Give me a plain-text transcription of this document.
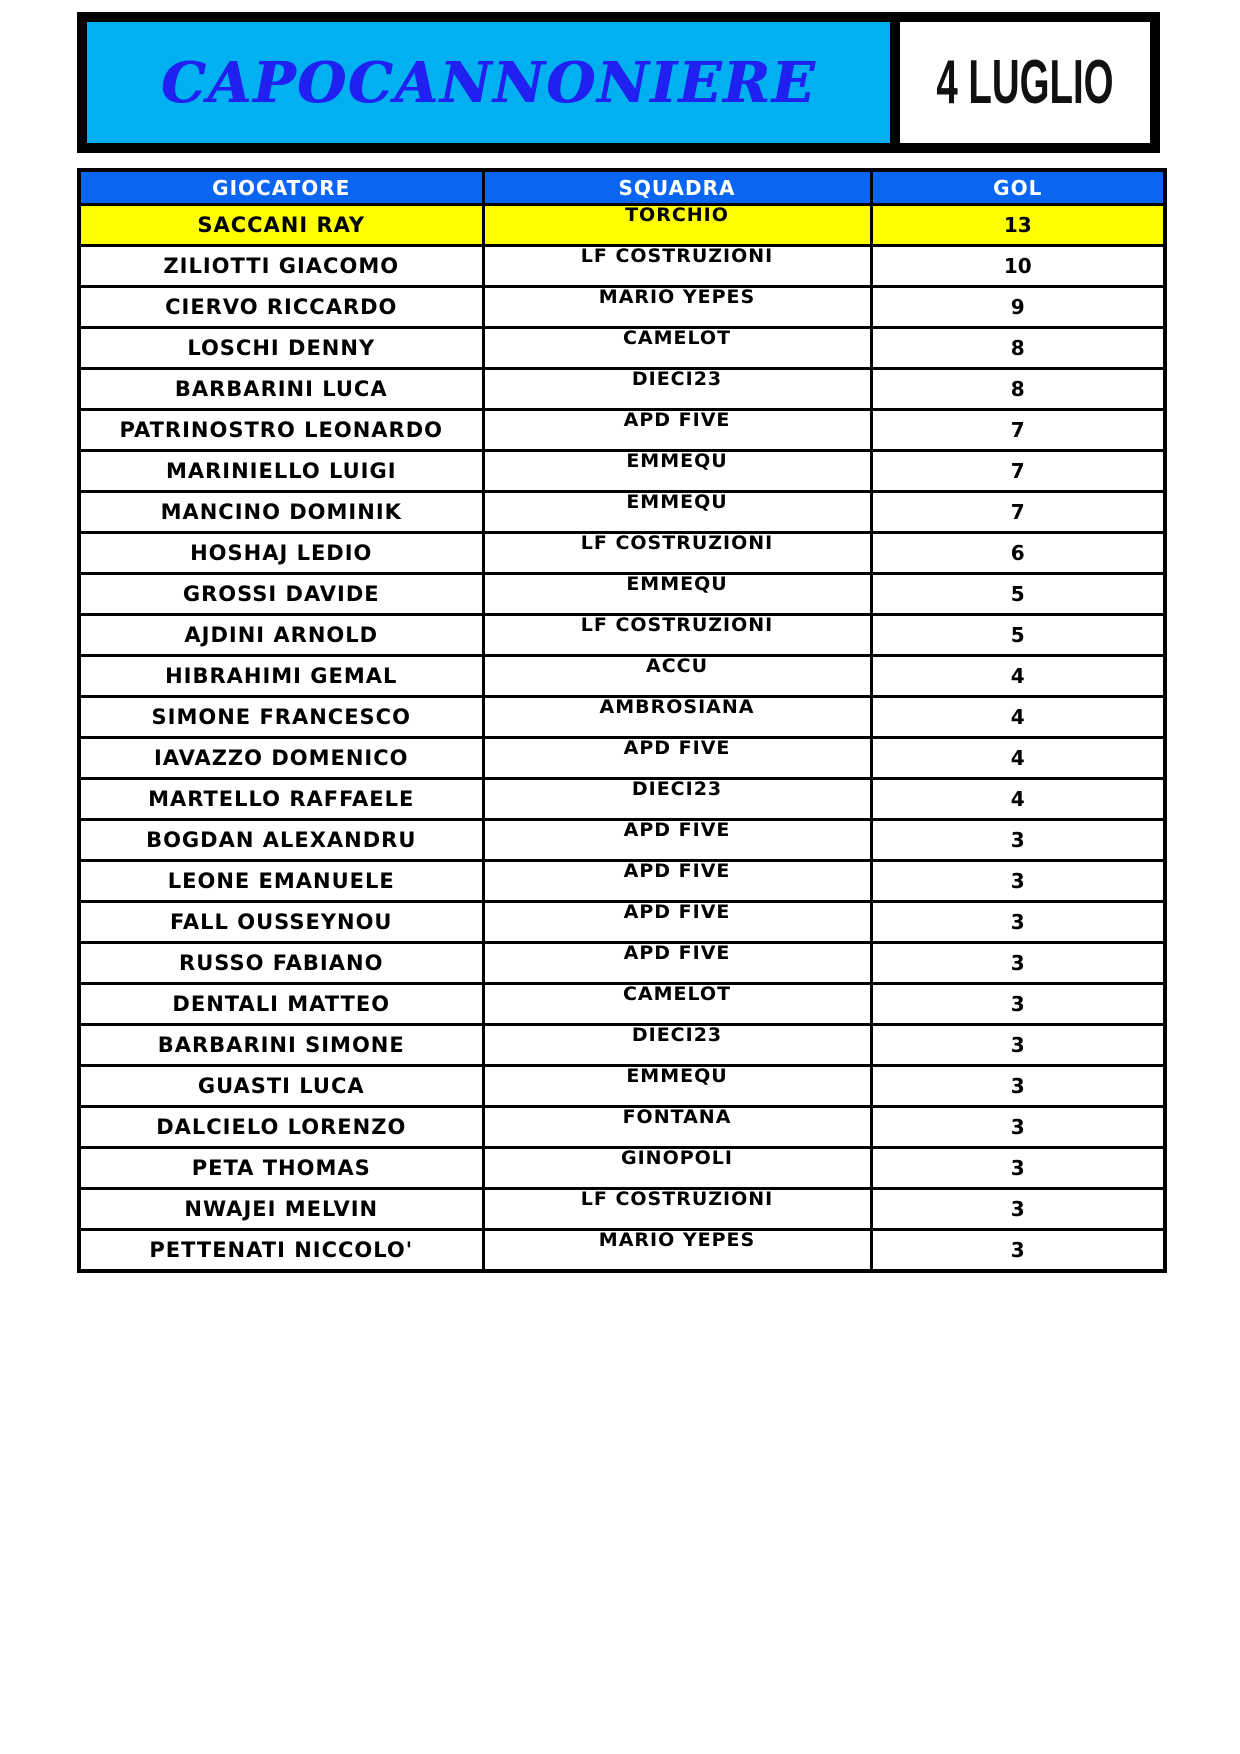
CAPOCANNONIERE 4 LUGLIO
GIOCATORE	SQUADRA	GOL
SACCANI RAY	TORCHIO	13
ZILIOTTI GIACOMO	LF COSTRUZIONI	10
CIERVO RICCARDO	MARIO YEPES	9
LOSCHI DENNY	CAMELOT	8
BARBARINI LUCA	DIECI23	8
PATRINOSTRO LEONARDO	APD FIVE	7
MARINIELLO LUIGI	EMMEQU	7
MANCINO DOMINIK	EMMEQU	7
HOSHAJ LEDIO	LF COSTRUZIONI	6
GROSSI DAVIDE	EMMEQU	5
AJDINI ARNOLD	LF COSTRUZIONI	5
HIBRAHIMI GEMAL	ACCU	4
SIMONE FRANCESCO	AMBROSIANA	4
IAVAZZO DOMENICO	APD FIVE	4
MARTELLO RAFFAELE	DIECI23	4
BOGDAN ALEXANDRU	APD FIVE	3
LEONE EMANUELE	APD FIVE	3
FALL OUSSEYNOU	APD FIVE	3
RUSSO FABIANO	APD FIVE	3
DENTALI MATTEO	CAMELOT	3
BARBARINI SIMONE	DIECI23	3
GUASTI LUCA	EMMEQU	3
DALCIELO LORENZO	FONTANA	3
PETA THOMAS	GINOPOLI	3
NWAJEI MELVIN	LF COSTRUZIONI	3
PETTENATI NICCOLO'	MARIO YEPES	3
